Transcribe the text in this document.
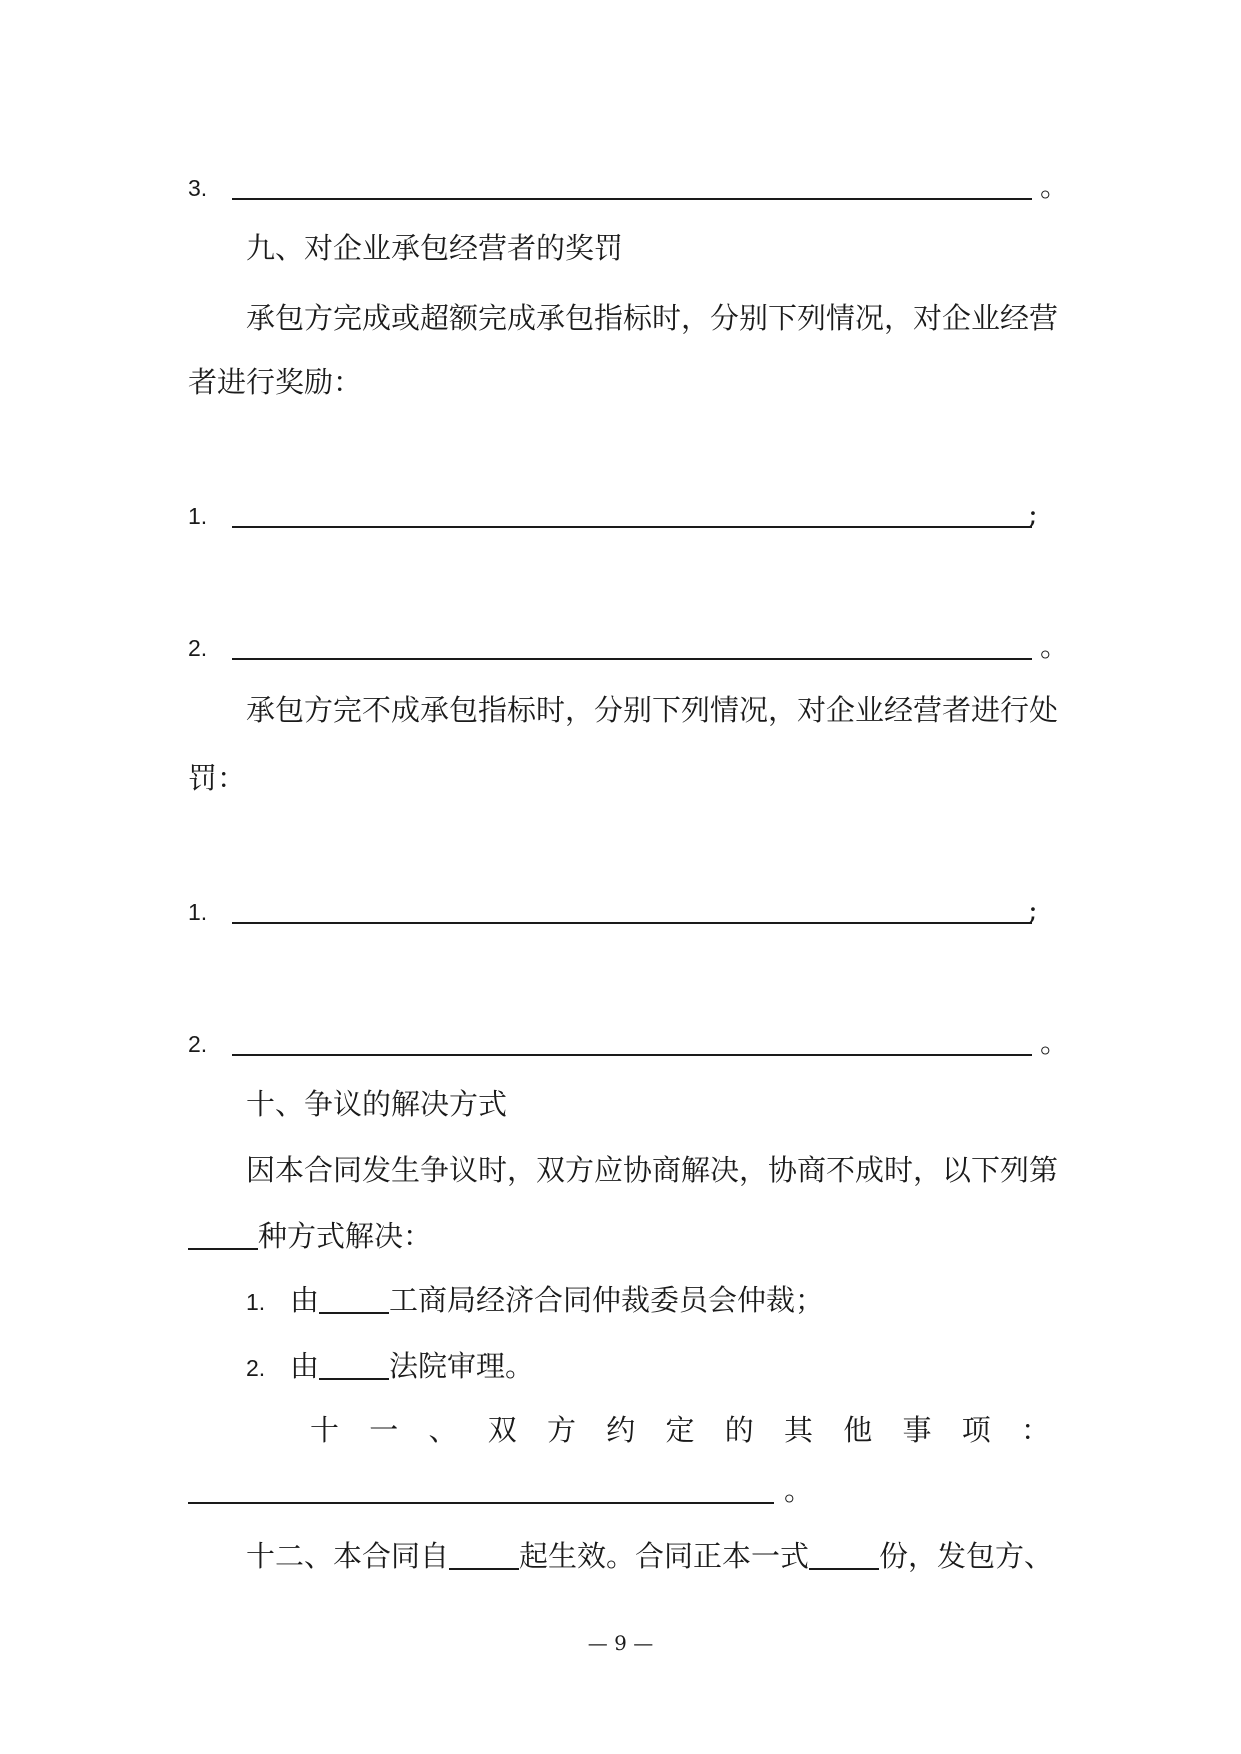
3.	。
九、对企业承包经营者的奖罚
承包方完成或超额完成承包指标时，分别下列情况，对企业经营
者进行奖励：
1.	;
2.	。
承包方完不成承包指标时，分别下列情况，对企业经营者进行处
罚：
1.	;
2.	。
十、争议的解决方式
因本合同发生争议时，双方应协商解决，协商不成时，以下列第
种方式解决：
1. 由 工商局经济合同仲裁委员会仲裁；
2. 由 法院审理。
十一、双方约定的其他事项：
。
十二、本合同自 起生效。合同正本一式 份，发包方、
— 9 —
